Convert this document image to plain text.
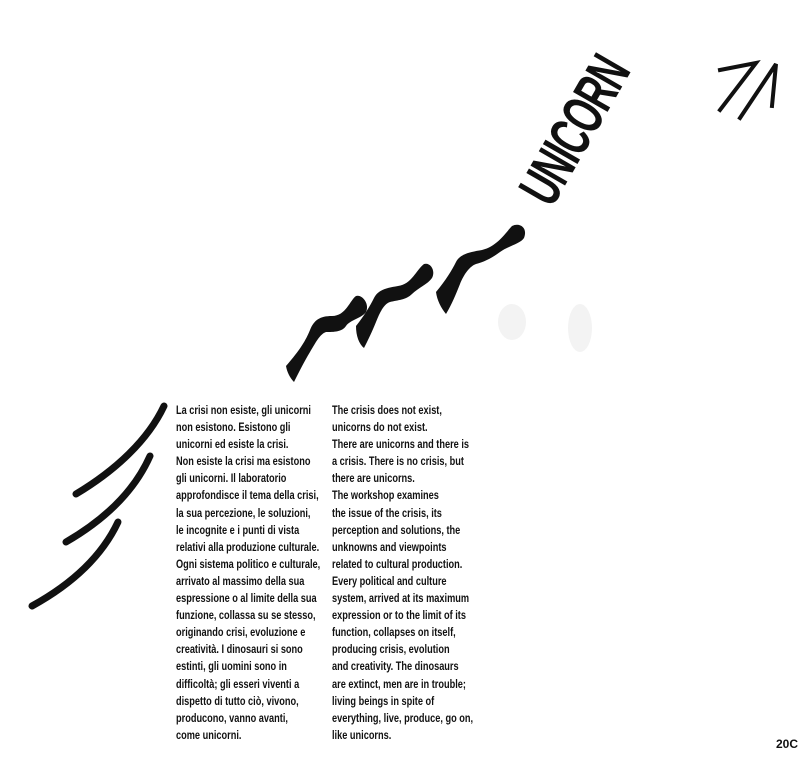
UNICORN
La crisi non esiste, gli unicorni
non esistono. Esistono gli
unicorni ed esiste la crisi.
Non esiste la crisi ma esistono
gli unicorni. Il laboratorio
approfondisce il tema della crisi,
la sua percezione, le soluzioni,
le incognite e i punti di vista
relativi alla produzione culturale.
Ogni sistema politico e culturale,
arrivato al massimo della sua
espressione o al limite della sua
funzione, collassa su se stesso,
originando crisi, evoluzione e
creatività. I dinosauri si sono
estinti, gli uomini sono in
difficoltà; gli esseri viventi a
dispetto di tutto ciò, vivono,
producono, vanno avanti,
come unicorni.
The crisis does not exist,
unicorns do not exist.
There are unicorns and there is
a crisis. There is no crisis, but
there are unicorns.
The workshop examines
the issue of the crisis, its
perception and solutions, the
unknowns and viewpoints
related to cultural production.
Every political and culture
system, arrived at its maximum
expression or to the limit of its
function, collapses on itself,
producing crisis, evolution
and creativity. The dinosaurs
are extinct, men are in trouble;
living beings in spite of
everything, live, produce, go on,
like unicorns.
20C
